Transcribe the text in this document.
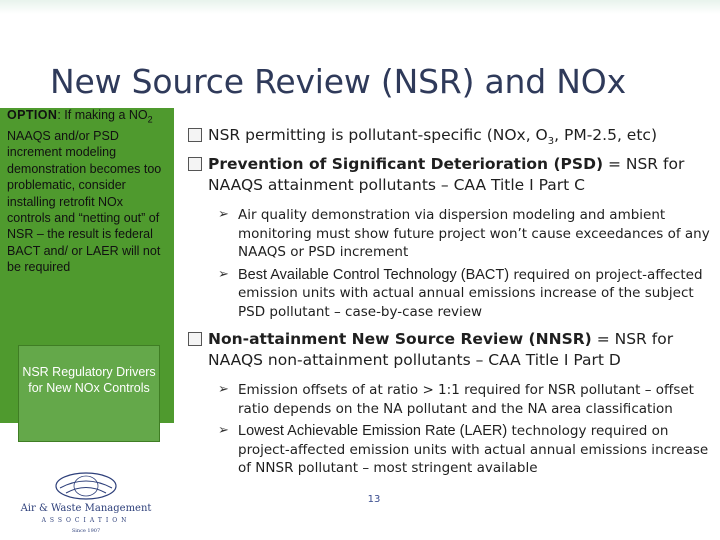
New Source Review (NSR) and NOx

OPTION: If making a $NO_2$ NAAQS and/or PSD increment modeling demonstration becomes too problematic, consider installing retrofit NOx controls and “netting out” of NSR – the result is federal BACT and/ or LAER will not be required

NSR Regulatory Drivers for New NOx Controls
Air & Waste Management
ASSOCIATION
Since 1907

NSR permitting is pollutant-specific (NOx, $O_3$, PM-2.5, etc)

Prevention of Significant Deterioration (PSD) = NSR for NAAQS attainment pollutants – CAA Title I Part C

➢ Air quality demonstration via dispersion modeling and ambient monitoring must show future project won’t cause exceedances of any NAAQS or PSD increment

➢ Best Available Control Technology (BACT) required on project-affected emission units with actual annual emissions increase of the subject PSD pollutant – case-by-case review

Non-attainment New Source Review (NNSR) = NSR for NAAQS non-attainment pollutants – CAA Title I Part D

➢ Emission offsets of at ratio > 1:1 required for NSR pollutant – offset ratio depends on the NA pollutant and the NA area classification

➢ Lowest Achievable Emission Rate (LAER) technology required on project-affected emission units with actual annual emissions increase of NNSR pollutant – most stringent available

13
